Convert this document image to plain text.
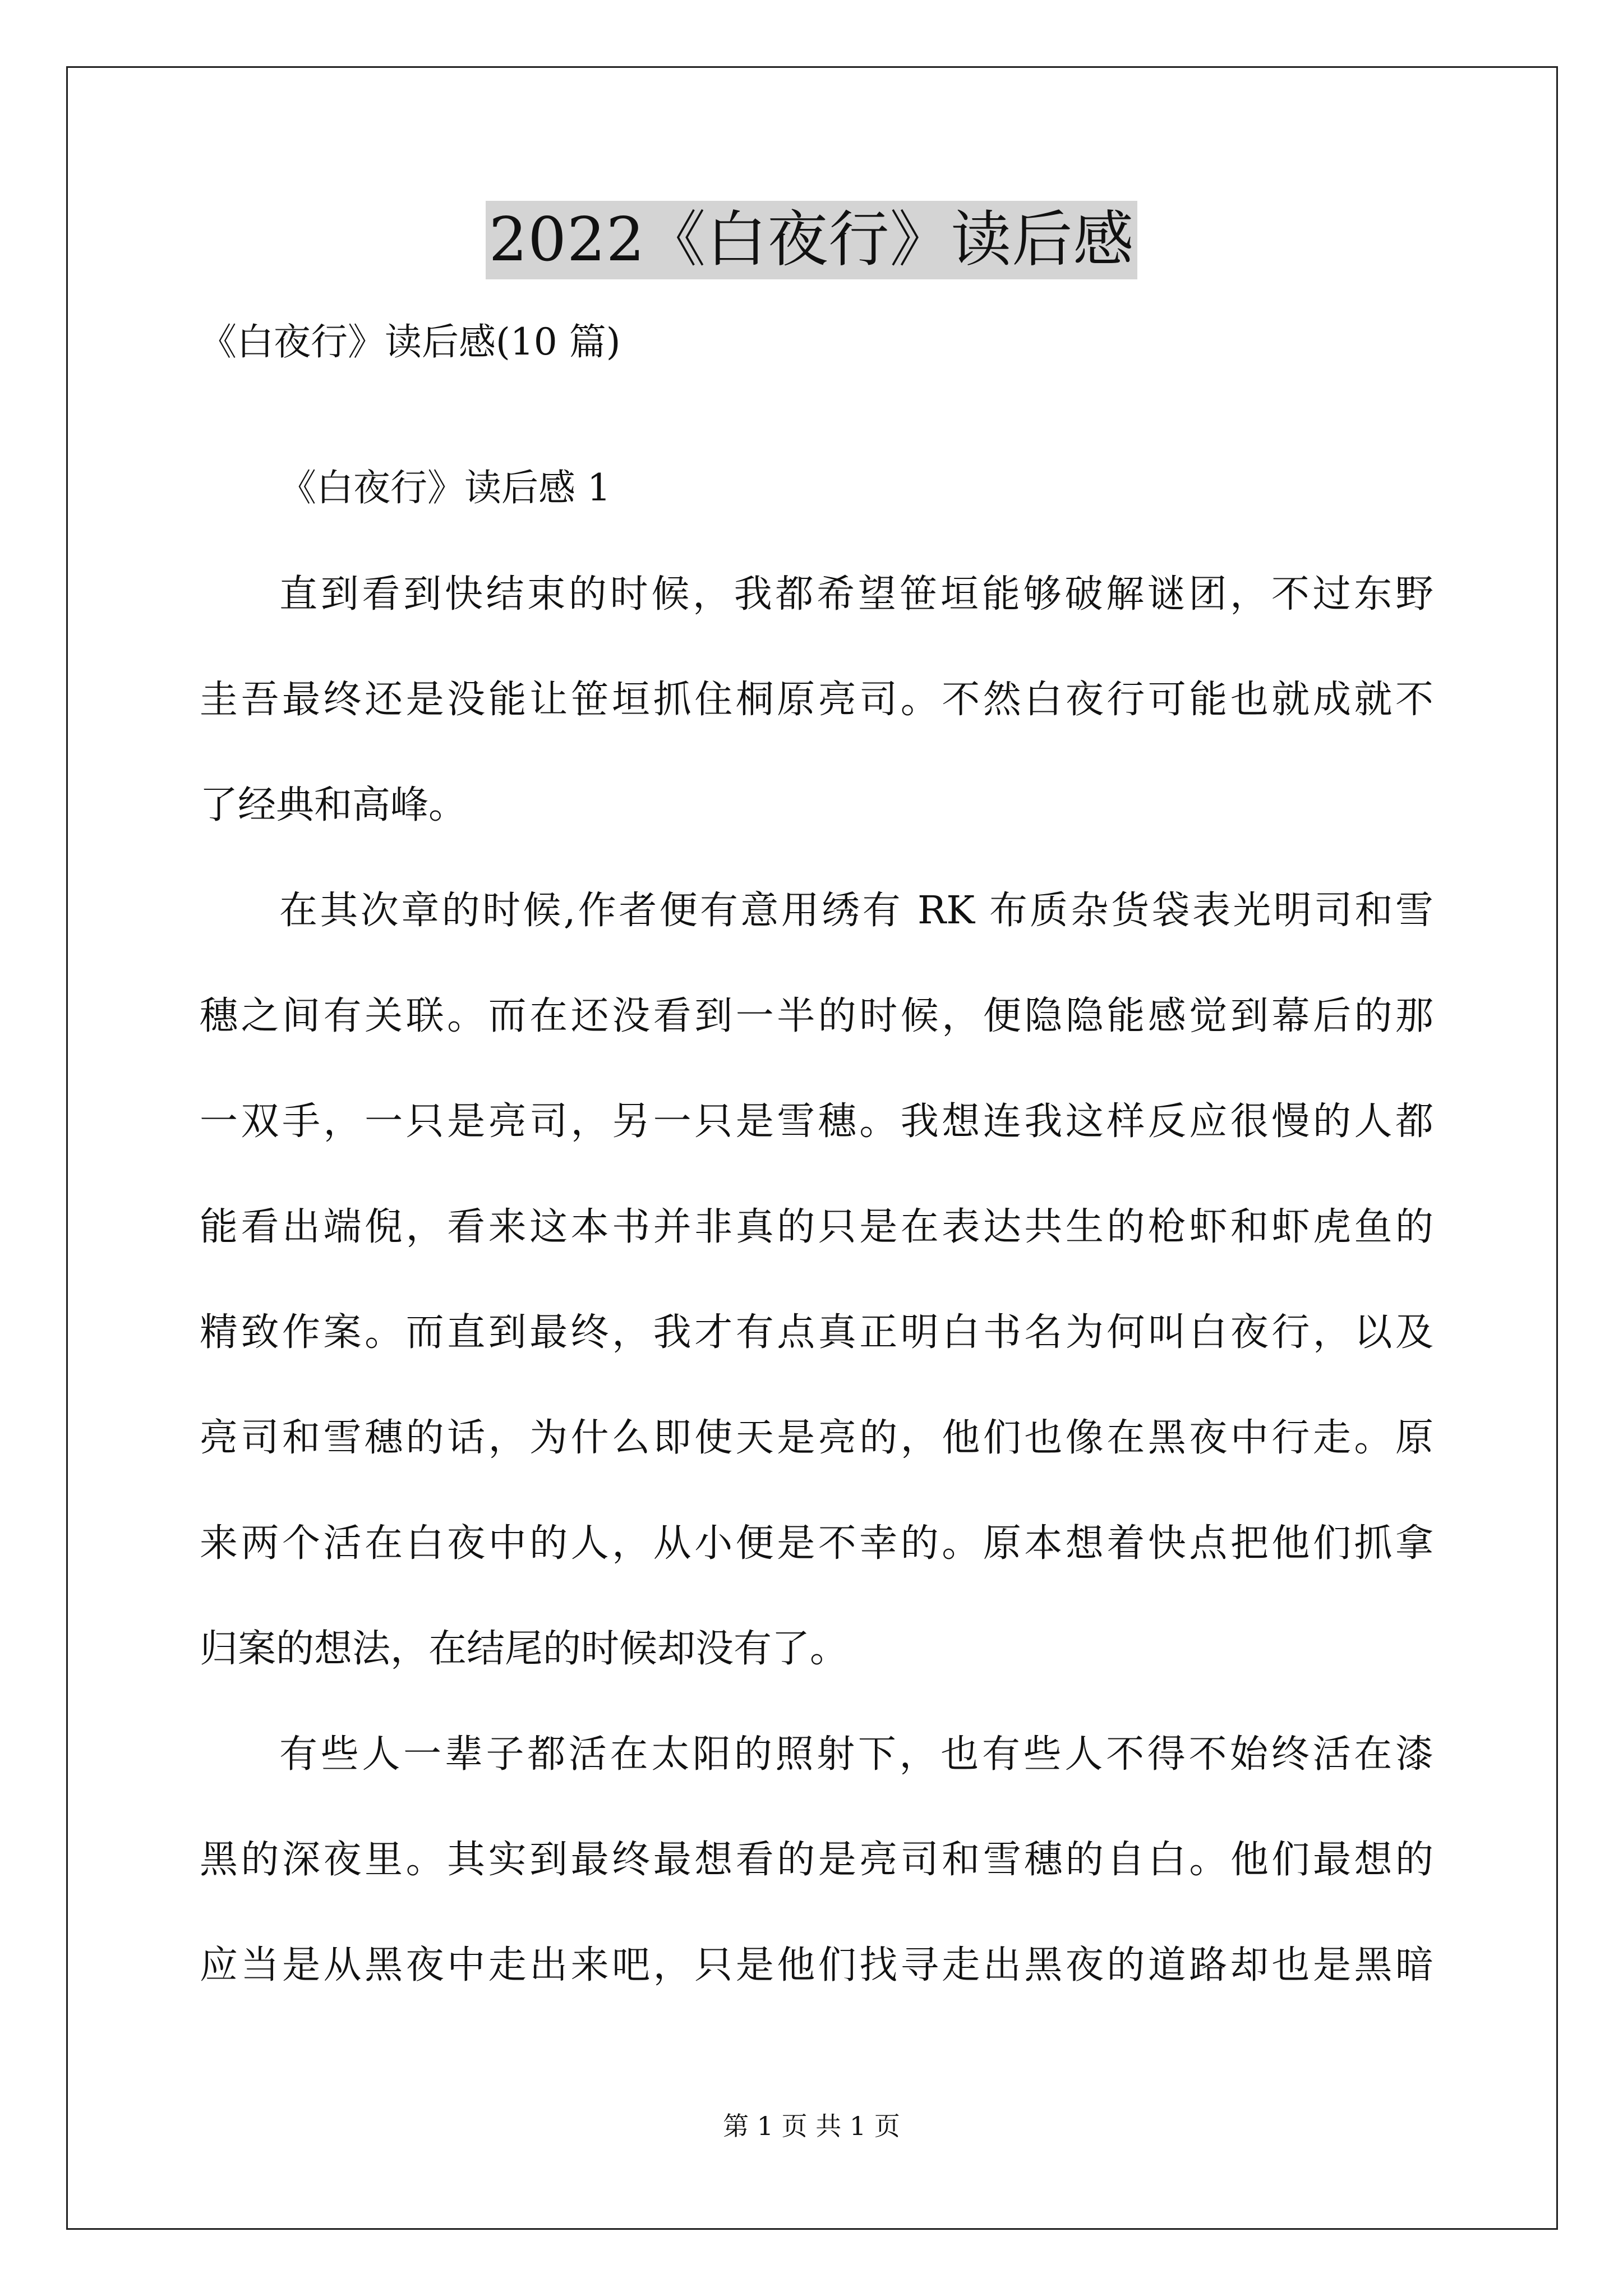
2022《白夜行》读后感
《白夜行》读后感(10 篇)
《白夜行》读后感 1
直到看到快结束的时候，我都希望笹垣能够破解谜团，不过东野
圭吾最终还是没能让笹垣抓住桐原亮司。不然白夜行可能也就成就不
了经典和高峰。
在其次章的时候,作者便有意用绣有 RK 布质杂货袋表光明司和雪
穗之间有关联。而在还没看到一半的时候，便隐隐能感觉到幕后的那
一双手，一只是亮司，另一只是雪穗。我想连我这样反应很慢的人都
能看出端倪，看来这本书并非真的只是在表达共生的枪虾和虾虎鱼的
精致作案。而直到最终，我才有点真正明白书名为何叫白夜行，以及
亮司和雪穗的话，为什么即使天是亮的，他们也像在黑夜中行走。原
来两个活在白夜中的人，从小便是不幸的。原本想着快点把他们抓拿
归案的想法，在结尾的时候却没有了。
有些人一辈子都活在太阳的照射下，也有些人不得不始终活在漆
黑的深夜里。其实到最终最想看的是亮司和雪穗的自白。他们最想的
应当是从黑夜中走出来吧，只是他们找寻走出黑夜的道路却也是黑暗
第 1 页 共 1 页
